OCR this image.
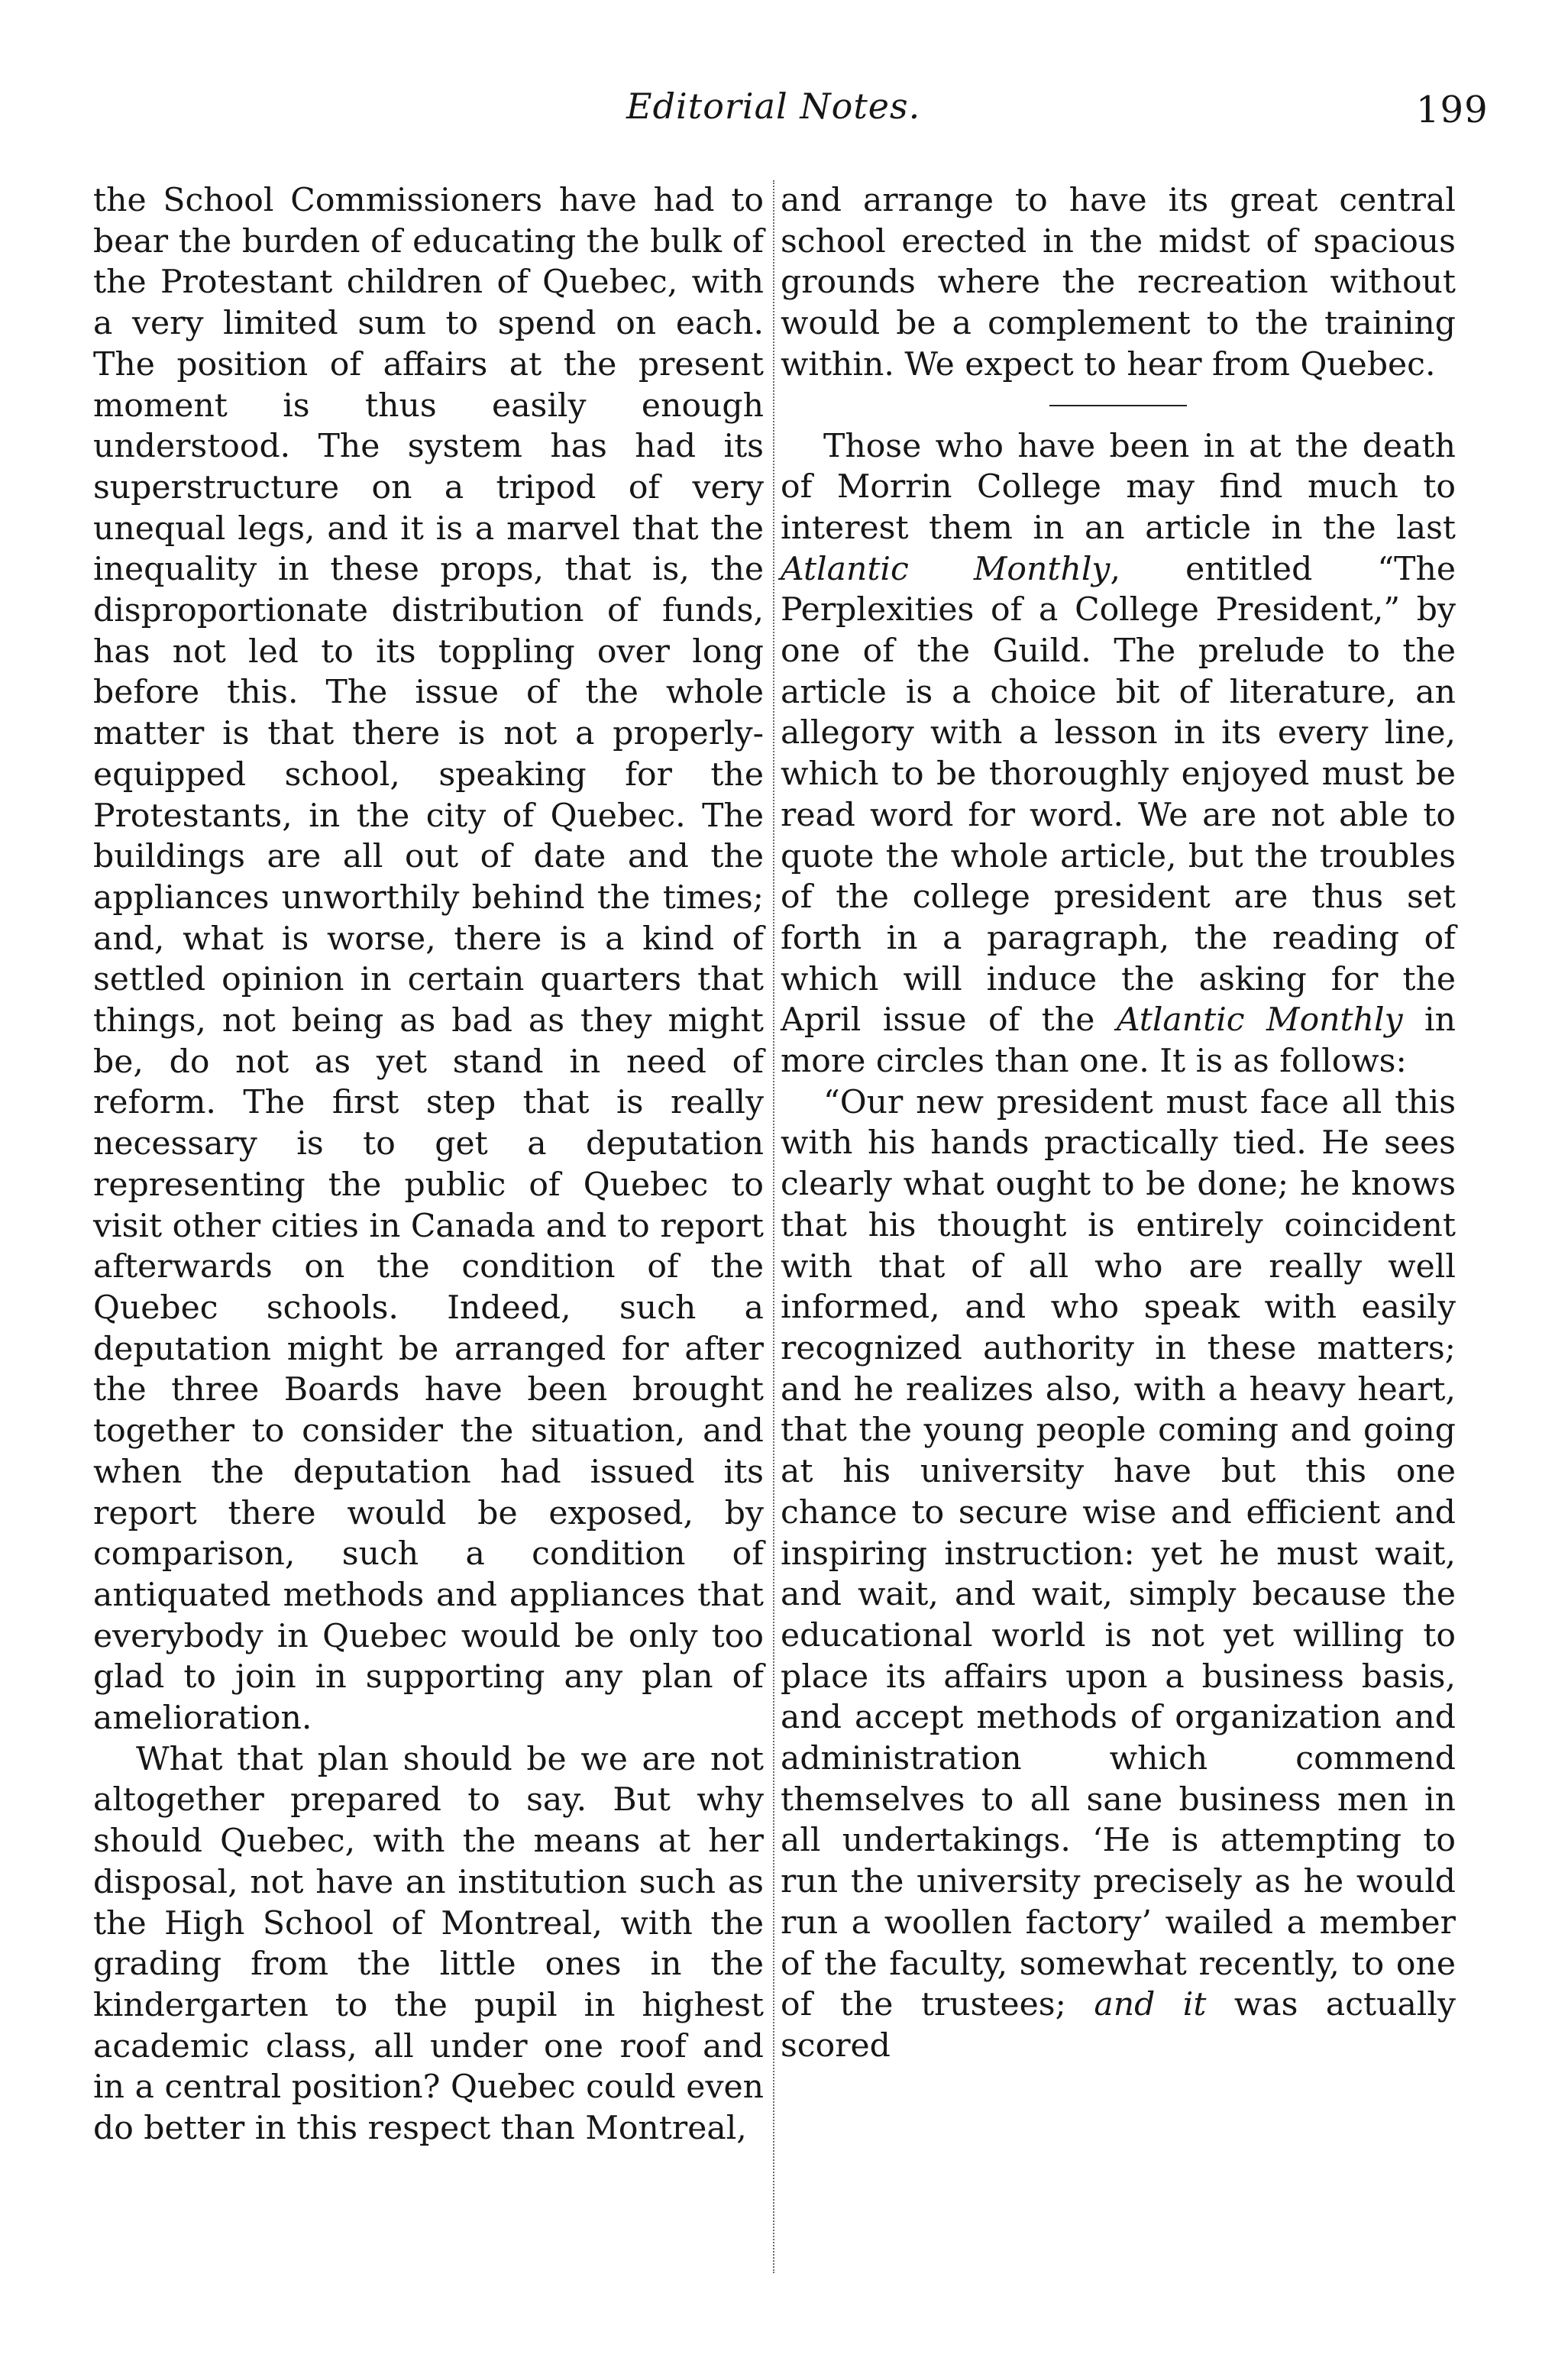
Editorial Notes.	199

the School Commissioners have had to bear the burden of educating the bulk of the Protestant children of Quebec, with a very limited sum to spend on each. The position of affairs at the present moment is thus easily enough understood. The system has had its superstructure on a tripod of very unequal legs, and it is a marvel that the inequality in these props, that is, the disproportionate distribution of funds, has not led to its toppling over long before this. The issue of the whole matter is that there is not a properly-equipped school, speaking for the Protestants, in the city of Quebec. The buildings are all out of date and the appliances unworthily behind the times; and, what is worse, there is a kind of settled opinion in certain quarters that things, not being as bad as they might be, do not as yet stand in need of reform. The first step that is really necessary is to get a deputation representing the public of Quebec to visit other cities in Canada and to report afterwards on the condition of the Quebec schools. Indeed, such a deputation might be arranged for after the three Boards have been brought together to consider the situation, and when the deputation had issued its report there would be exposed, by comparison, such a condition of antiquated methods and appliances that everybody in Quebec would be only too glad to join in supporting any plan of amelioration.

What that plan should be we are not altogether prepared to say. But why should Quebec, with the means at her disposal, not have an institution such as the High School of Montreal, with the grading from the little ones in the kindergarten to the pupil in highest academic class, all under one roof and in a central position? Quebec could even do better in this respect than Montreal,

and arrange to have its great central school erected in the midst of spacious grounds where the recreation without would be a complement to the training within. We expect to hear from Quebec.

Those who have been in at the death of Morrin College may find much to interest them in an article in the last Atlantic Monthly, entitled “The Perplexities of a College President,” by one of the Guild. The prelude to the article is a choice bit of literature, an allegory with a lesson in its every line, which to be thoroughly enjoyed must be read word for word. We are not able to quote the whole article, but the troubles of the college president are thus set forth in a paragraph, the reading of which will induce the asking for the April issue of the Atlantic Monthly in more circles than one. It is as follows:

“Our new president must face all this with his hands practically tied. He sees clearly what ought to be done; he knows that his thought is entirely coincident with that of all who are really well informed, and who speak with easily recognized authority in these matters; and he realizes also, with a heavy heart, that the young people coming and going at his university have but this one chance to secure wise and efficient and inspiring instruction: yet he must wait, and wait, and wait, simply because the educational world is not yet willing to place its affairs upon a business basis, and accept methods of organization and administration which commend themselves to all sane business men in all undertakings. ‘He is attempting to run the university precisely as he would run a woollen factory’ wailed a member of the faculty, somewhat recently, to one of the trustees; and it was actually scored
